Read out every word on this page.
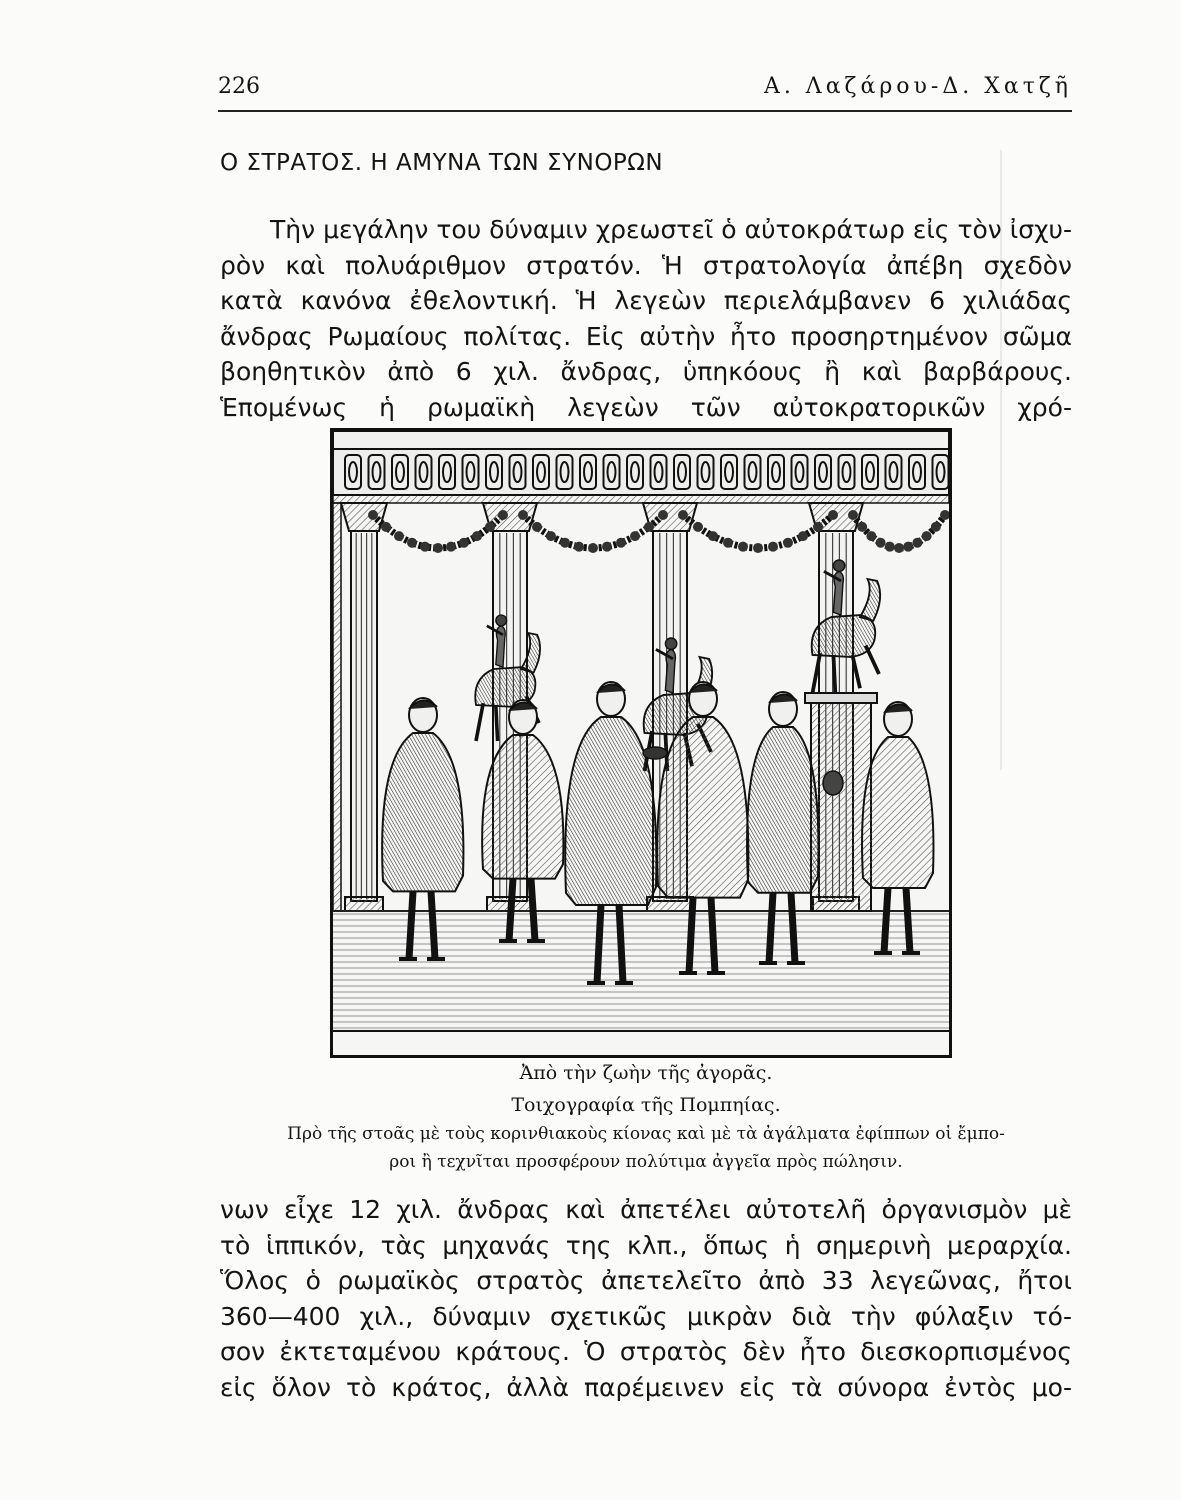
226	Α. Λαζάρου-Δ. Χατζῆ
Ο ΣΤΡΑΤΟΣ. Η ΑΜΥΝΑ ΤΩΝ ΣΥΝΟΡΩΝ
Τὴν μεγάλην του δύναμιν χρεωστεῖ ὁ αὐτοκράτωρ εἰς τὸν ἰσχυ-
ρὸν καὶ πολυάριθμον στρατόν. Ἡ στρατολογία ἀπέβη σχεδὸν
κατὰ κανόνα ἐθελοντική. Ἡ λεγεὼν περιελάμβανεν 6 χιλιάδας
ἄνδρας Ρωμαίους πολίτας. Εἰς αὐτὴν ἦτο προσηρτημένον σῶμα
βοηθητικὸν ἀπὸ 6 χιλ. ἄνδρας, ὑπηκόους ἢ καὶ βαρβάρους.
Ἑπομένως ἡ ρωμαϊκὴ λεγεὼν τῶν αὐτοκρατορικῶν χρό-
Ἀπὸ τὴν ζωὴν τῆς ἀγορᾶς.
Τοιχογραφία τῆς Πομπηίας.
Πρὸ τῆς στοᾶς μὲ τοὺς κορινθιακοὺς κίονας καὶ μὲ τὰ ἀγάλματα ἐφίππων οἱ ἔμπο-
ροι ἢ τεχνῖται προσφέρουν πολύτιμα ἀγγεῖα πρὸς πώλησιν.
νων εἶχε 12 χιλ. ἄνδρας καὶ ἀπετέλει αὐτοτελῆ ὀργανισμὸν μὲ
τὸ ἱππικόν, τὰς μηχανάς της κλπ., ὅπως ἡ σημερινὴ μεραρχία.
Ὅλος ὁ ρωμαϊκὸς στρατὸς ἀπετελεῖτο ἀπὸ 33 λεγεῶνας, ἤτοι
360—400 χιλ., δύναμιν σχετικῶς μικρὰν διὰ τὴν φύλαξιν τό-
σον ἐκτεταμένου κράτους. Ὁ στρατὸς δὲν ἦτο διεσκορπισμένος
εἰς ὅλον τὸ κράτος, ἀλλὰ παρέμεινεν εἰς τὰ σύνορα ἐντὸς μο-
